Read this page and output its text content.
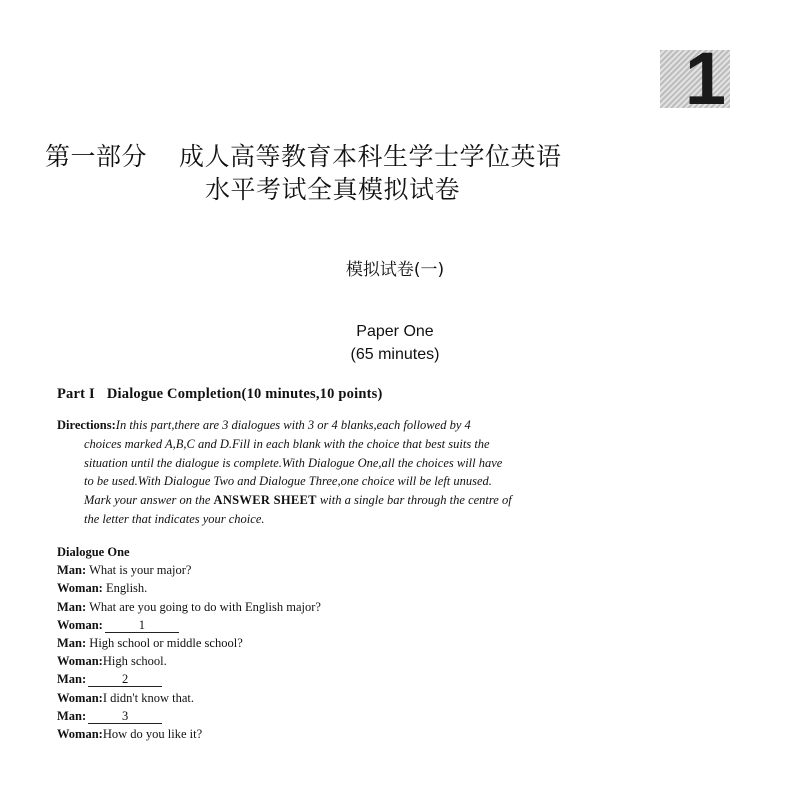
1
第一部分 成人高等教育本科生学士学位英语
水平考试全真模拟试卷
模拟试卷(一)
Paper One
(65 minutes)
Part I Dialogue Completion(10 minutes,10 points)
Directions:In this part,there are 3 dialogues with 3 or 4 blanks,each followed by 4
choices marked A,B,C and D.Fill in each blank with the choice that best suits the
situation until the dialogue is complete.With Dialogue One,all the choices will have
to be used.With Dialogue Two and Dialogue Three,one choice will be left unused.
Mark your answer on the ANSWER SHEET with a single bar through the centre of
the letter that indicates your choice.
Dialogue One
Man: What is your major?
Woman: English.
Man: What are you going to do with English major?
Woman:	1
Man: High school or middle school?
Woman:High school.
Man:	2
Woman:I didn't know that.
Man:	3
Woman:How do you like it?
